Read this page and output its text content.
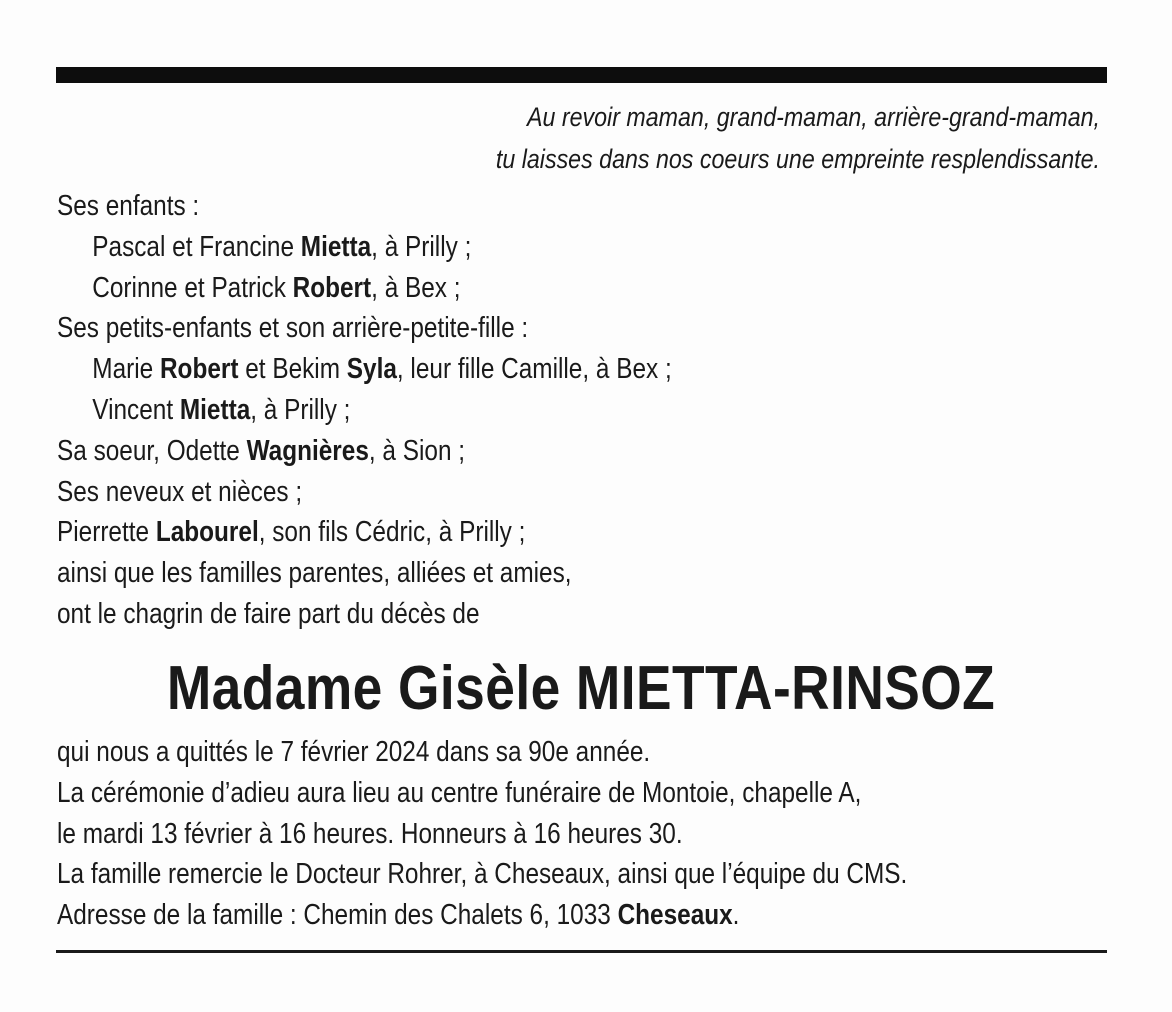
Au revoir maman, grand-maman, arrière-grand-maman,
tu laisses dans nos coeurs une empreinte resplendissante.
Ses enfants :
Pascal et Francine Mietta, à Prilly ;
Corinne et Patrick Robert, à Bex ;
Ses petits-enfants et son arrière-petite-fille :
Marie Robert et Bekim Syla, leur fille Camille, à Bex ;
Vincent Mietta, à Prilly ;
Sa soeur, Odette Wagnières, à Sion ;
Ses neveux et nièces ;
Pierrette Labourel, son fils Cédric, à Prilly ;
ainsi que les familles parentes, alliées et amies,
ont le chagrin de faire part du décès de
Madame Gisèle MIETTA-RINSOZ
qui nous a quittés le 7 février 2024 dans sa 90e année.
La cérémonie d’adieu aura lieu au centre funéraire de Montoie, chapelle A,
le mardi 13 février à 16 heures. Honneurs à 16 heures 30.
La famille remercie le Docteur Rohrer, à Cheseaux, ainsi que l’équipe du CMS.
Adresse de la famille : Chemin des Chalets 6, 1033 Cheseaux.
